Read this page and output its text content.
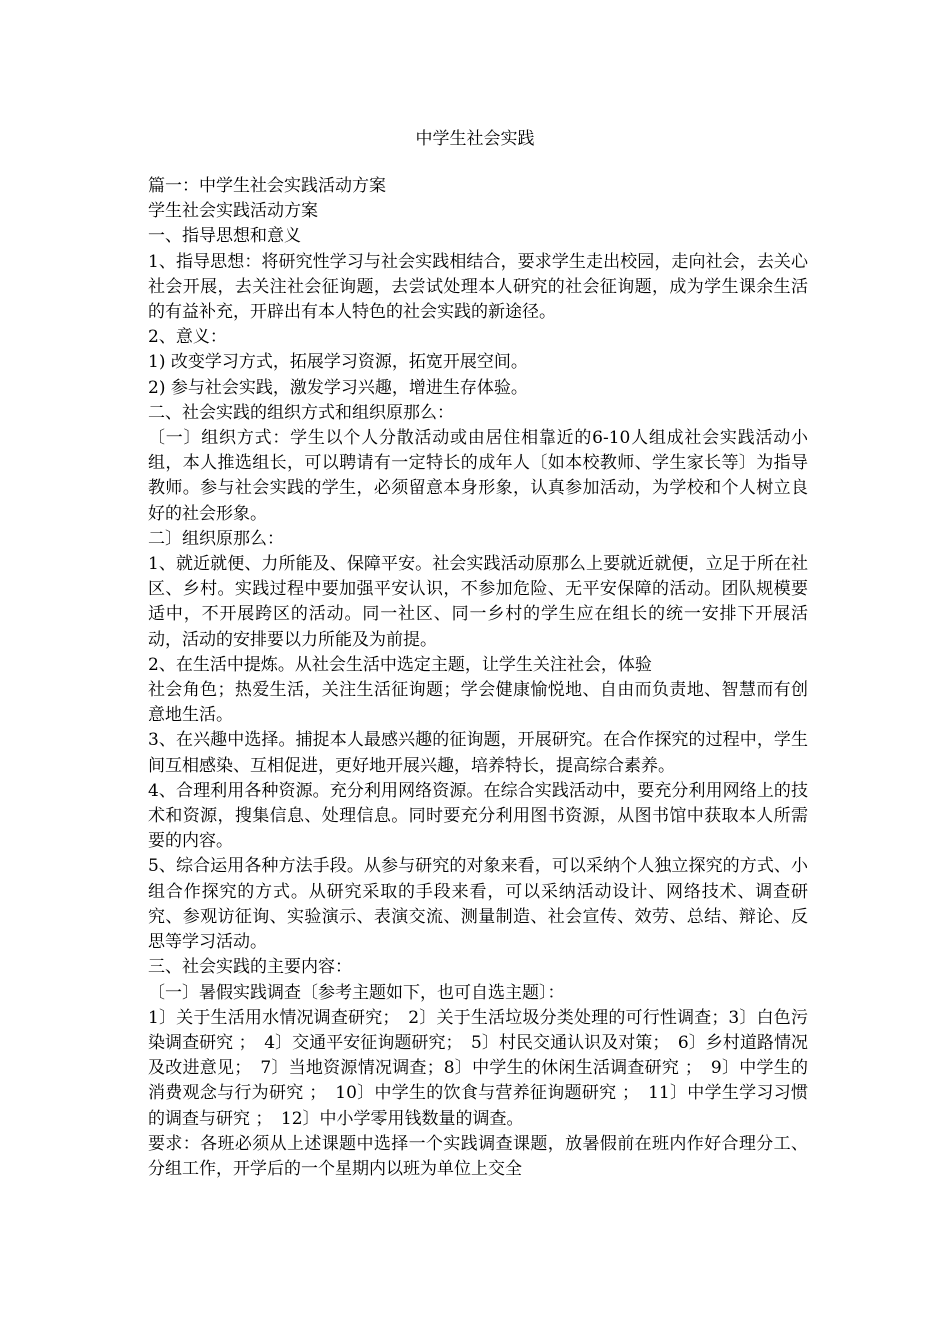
中学生社会实践

篇一：中学生社会实践活动方案

学生社会实践活动方案

一、指导思想和意义

1、指导思想：将研究性学习与社会实践相结合，要求学生走出校园，走向社会，去关心社会开展，去关注社会征询题，去尝试处理本人研究的社会征询题，成为学生课余生活的有益补充，开辟出有本人特色的社会实践的新途径。

2、意义：

1) 改变学习方式，拓展学习资源，拓宽开展空间。

2) 参与社会实践，激发学习兴趣，增进生存体验。

二、社会实践的组织方式和组织原那么：

〔一〕组织方式：学生以个人分散活动或由居住相靠近的6-10人组成社会实践活动小组，本人推选组长，可以聘请有一定特长的成年人〔如本校教师、学生家长等〕为指导教师。参与社会实践的学生，必须留意本身形象，认真参加活动，为学校和个人树立良好的社会形象。

二〕组织原那么：

1、就近就便、力所能及、保障平安。社会实践活动原那么上要就近就便，立足于所在社区、乡村。实践过程中要加强平安认识，不参加危险、无平安保障的活动。团队规模要适中，不开展跨区的活动。同一社区、同一乡村的学生应在组长的统一安排下开展活动，活动的安排要以力所能及为前提。

2、在生活中提炼。从社会生活中选定主题，让学生关注社会，体验

社会角色；热爱生活，关注生活征询题；学会健康愉悦地、自由而负责地、智慧而有创意地生活。

3、在兴趣中选择。捕捉本人最感兴趣的征询题，开展研究。在合作探究的过程中，学生间互相感染、互相促进，更好地开展兴趣，培养特长，提高综合素养。

4、合理利用各种资源。充分利用网络资源。在综合实践活动中，要充分利用网络上的技术和资源，搜集信息、处理信息。同时要充分利用图书资源，从图书馆中获取本人所需要的内容。

5、综合运用各种方法手段。从参与研究的对象来看，可以采纳个人独立探究的方式、小组合作探究的方式。从研究采取的手段来看，可以采纳活动设计、网络技术、调查研究、参观访征询、实验演示、表演交流、测量制造、社会宣传、效劳、总结、辩论、反思等学习活动。

三、社会实践的主要内容：

〔一〕暑假实践调查〔参考主题如下，也可自选主题〕：

1〕关于生活用水情况调查研究；　2〕关于生活垃圾分类处理的可行性调查；3〕白色污染调查研究 ；　4〕交通平安征询题研究；　5〕村民交通认识及对策；　6〕乡村道路情况及改进意见；　7〕当地资源情况调查；8〕中学生的休闲生活调查研究 ；　9〕中学生的消费观念与行为研究 ；　10〕中学生的饮食与营养征询题研究 ；　11〕中学生学习习惯的调查与研究 ；　12〕中小学零用钱数量的调查。

要求：各班必须从上述课题中选择一个实践调查课题，放暑假前在班内作好合理分工、分组工作，开学后的一个星期内以班为单位上交全
